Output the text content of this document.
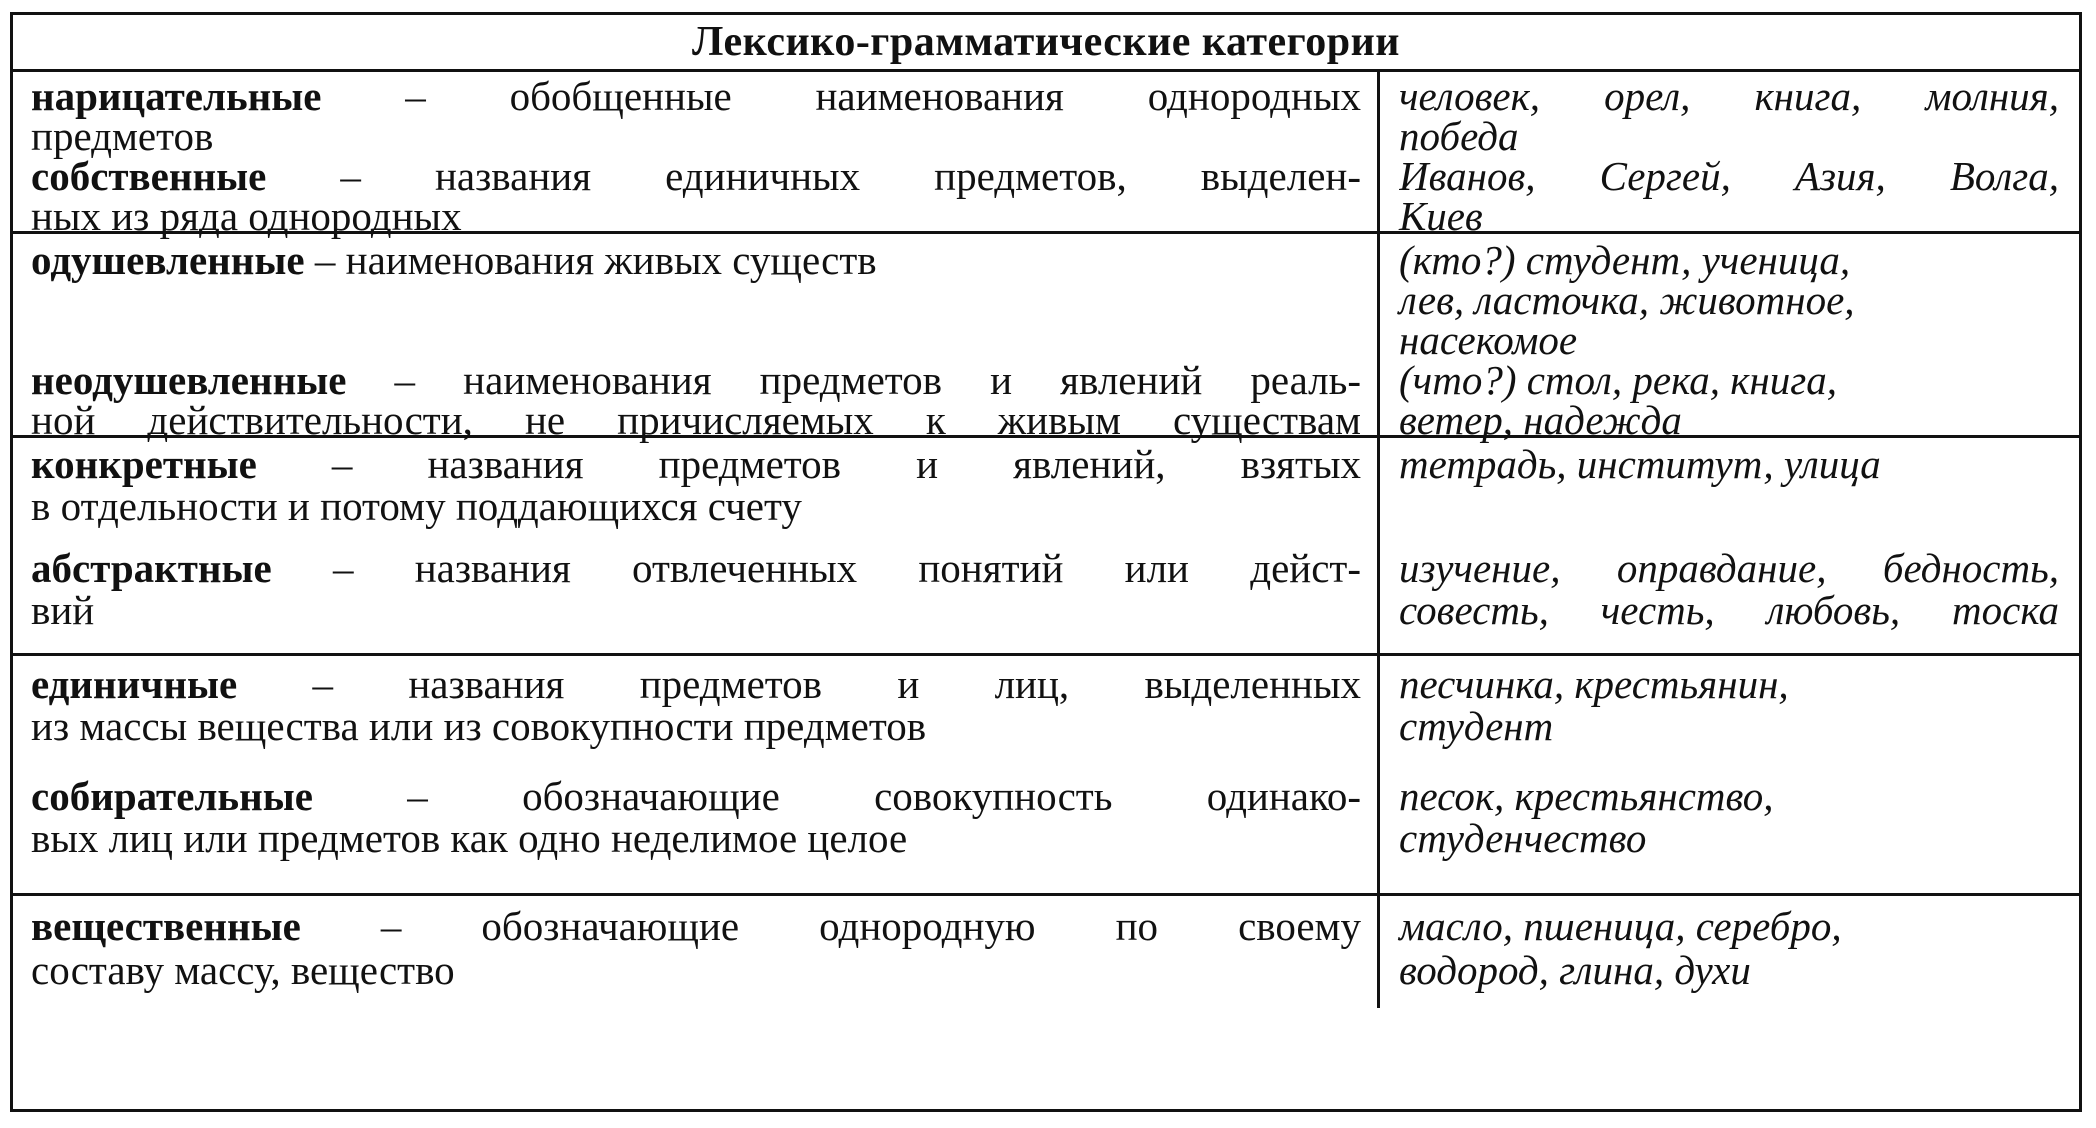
Лексико-грамматические категории
нарицательные – обобщенные наименования однородных
предметов
собственные – названия единичных предметов, выделен-
ных из ряда однородных
человек, орел, книга, молния,
победа
Иванов, Сергей, Азия, Волга,
Киев
одушевленные – наименования живых существ
неодушевленные – наименования предметов и явлений реаль-
ной действительности, не причисляемых к живым существам
(кто?) студент, ученица,
лев, ласточка, животное,
насекомое
(что?) стол, река, книга,
ветер, надежда
конкретные – названия предметов и явлений, взятых
в отдельности и потому поддающихся счету
абстрактные – названия отвлеченных понятий или дейст-
вий
тетрадь, институт, улица
изучение, оправдание, бедность,
совесть, честь, любовь, тоска
единичные – названия предметов и лиц, выделенных
из массы вещества или из совокупности предметов
собирательные – обозначающие совокупность одинако-
вых лиц или предметов как одно неделимое целое
песчинка, крестьянин,
студент
песок, крестьянство,
студенчество
вещественные – обозначающие однородную по своему
составу массу, вещество
масло, пшеница, серебро,
водород, глина, духи
